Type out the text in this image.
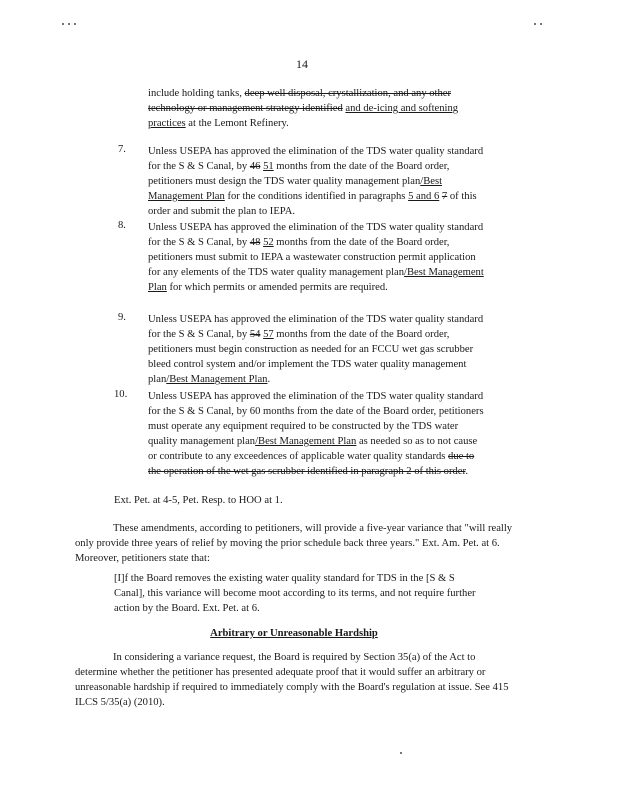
14

include holding tanks, deep well disposal, crystallization, and any other technology or management strategy identified and de-icing and softening practices at the Lemont Refinery.

7. Unless USEPA has approved the elimination of the TDS water quality standard for the S & S Canal, by 46 51 months from the date of the Board order, petitioners must design the TDS water quality management plan/Best Management Plan for the conditions identified in paragraphs 5 and 6 7 of this order and submit the plan to IEPA.

8. Unless USEPA has approved the elimination of the TDS water quality standard for the S & S Canal, by 48 52 months from the date of the Board order, petitioners must submit to IEPA a wastewater construction permit application for any elements of the TDS water quality management plan/Best Management Plan for which permits or amended permits are required.

9. Unless USEPA has approved the elimination of the TDS water quality standard for the S & S Canal, by 54 57 months from the date of the Board order, petitioners must begin construction as needed for an FCCU wet gas scrubber bleed control system and/or implement the TDS water quality management plan/Best Management Plan.

10. Unless USEPA has approved the elimination of the TDS water quality standard for the S & S Canal, by 60 months from the date of the Board order, petitioners must operate any equipment required to be constructed by the TDS water quality management plan/Best Management Plan as needed so as to not cause or contribute to any exceedences of applicable water quality standards due to the operation of the wet gas scrubber identified in paragraph 2 of this order.

Ext. Pet. at 4-5, Pet. Resp. to HOO at 1.

These amendments, according to petitioners, will provide a five-year variance that "will really only provide three years of relief by moving the prior schedule back three years." Ext. Am. Pet. at 6. Moreover, petitioners state that:

[I]f the Board removes the existing water quality standard for TDS in the [S & S Canal], this variance will become moot according to its terms, and not require further action by the Board. Ext. Pet. at 6.

Arbitrary or Unreasonable Hardship

In considering a variance request, the Board is required by Section 35(a) of the Act to determine whether the petitioner has presented adequate proof that it would suffer an arbitrary or unreasonable hardship if required to immediately comply with the Board's regulation at issue. See 415 ILCS 5/35(a) (2010).
